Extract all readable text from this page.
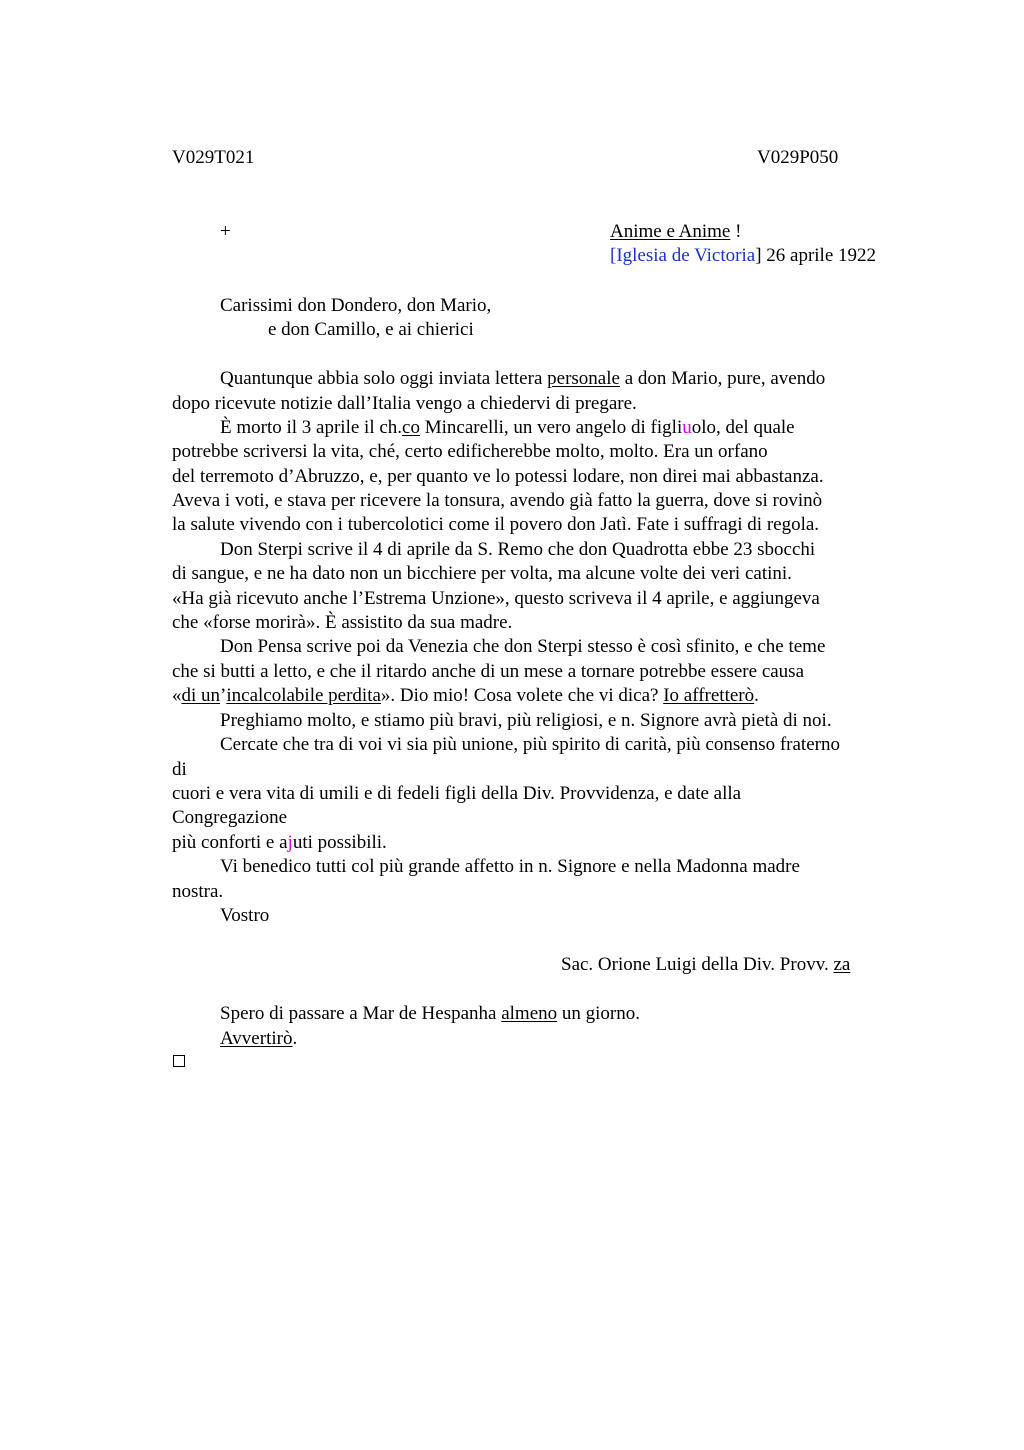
V029T021	V029P050
+	Anime e Anime !
[Iglesia de Victoria] 26 aprile 1922
Carissimi don Dondero, don Mario,
e don Camillo, e ai chierici
Quantunque abbia solo oggi inviata lettera personale a don Mario, pure, avendo
dopo ricevute notizie dall’Italia vengo a chiedervi di pregare.
È morto il 3 aprile il ch.co Mincarelli, un vero angelo di figliuolo, del quale
potrebbe scriversi la vita, ché, certo edificherebbe molto, molto. Era un orfano
del terremoto d’Abruzzo, e, per quanto ve lo potessi lodare, non direi mai abbastanza.
Aveva i voti, e stava per ricevere la tonsura, avendo già fatto la guerra, dove si rovinò
la salute vivendo con i tubercolotici come il povero don Jatì. Fate i suffragi di regola.
Don Sterpi scrive il 4 di aprile da S. Remo che don Quadrotta ebbe 23 sbocchi
di sangue, e ne ha dato non un bicchiere per volta, ma alcune volte dei veri catini.
«Ha già ricevuto anche l’Estrema Unzione», questo scriveva il 4 aprile, e aggiungeva
che «forse morirà». È assistito da sua madre.
Don Pensa scrive poi da Venezia che don Sterpi stesso è così sfinito, e che teme
che si butti a letto, e che il ritardo anche di un mese a tornare potrebbe essere causa
«di un’incalcolabile perdita». Dio mio! Cosa volete che vi dica? Io affretterò.
Preghiamo molto, e stiamo più bravi, più religiosi, e n. Signore avrà pietà di noi.
Cercate che tra di voi vi sia più unione, più spirito di carità, più consenso fraterno
di
cuori e vera vita di umili e di fedeli figli della Div. Provvidenza, e date alla
Congregazione
più conforti e ajuti possibili.
Vi benedico tutti col più grande affetto in n. Signore e nella Madonna madre
nostra.
Vostro
Sac. Orione Luigi della Div. Provv. za
Spero di passare a Mar de Hespanha almeno un giorno.
Avvertirò.
